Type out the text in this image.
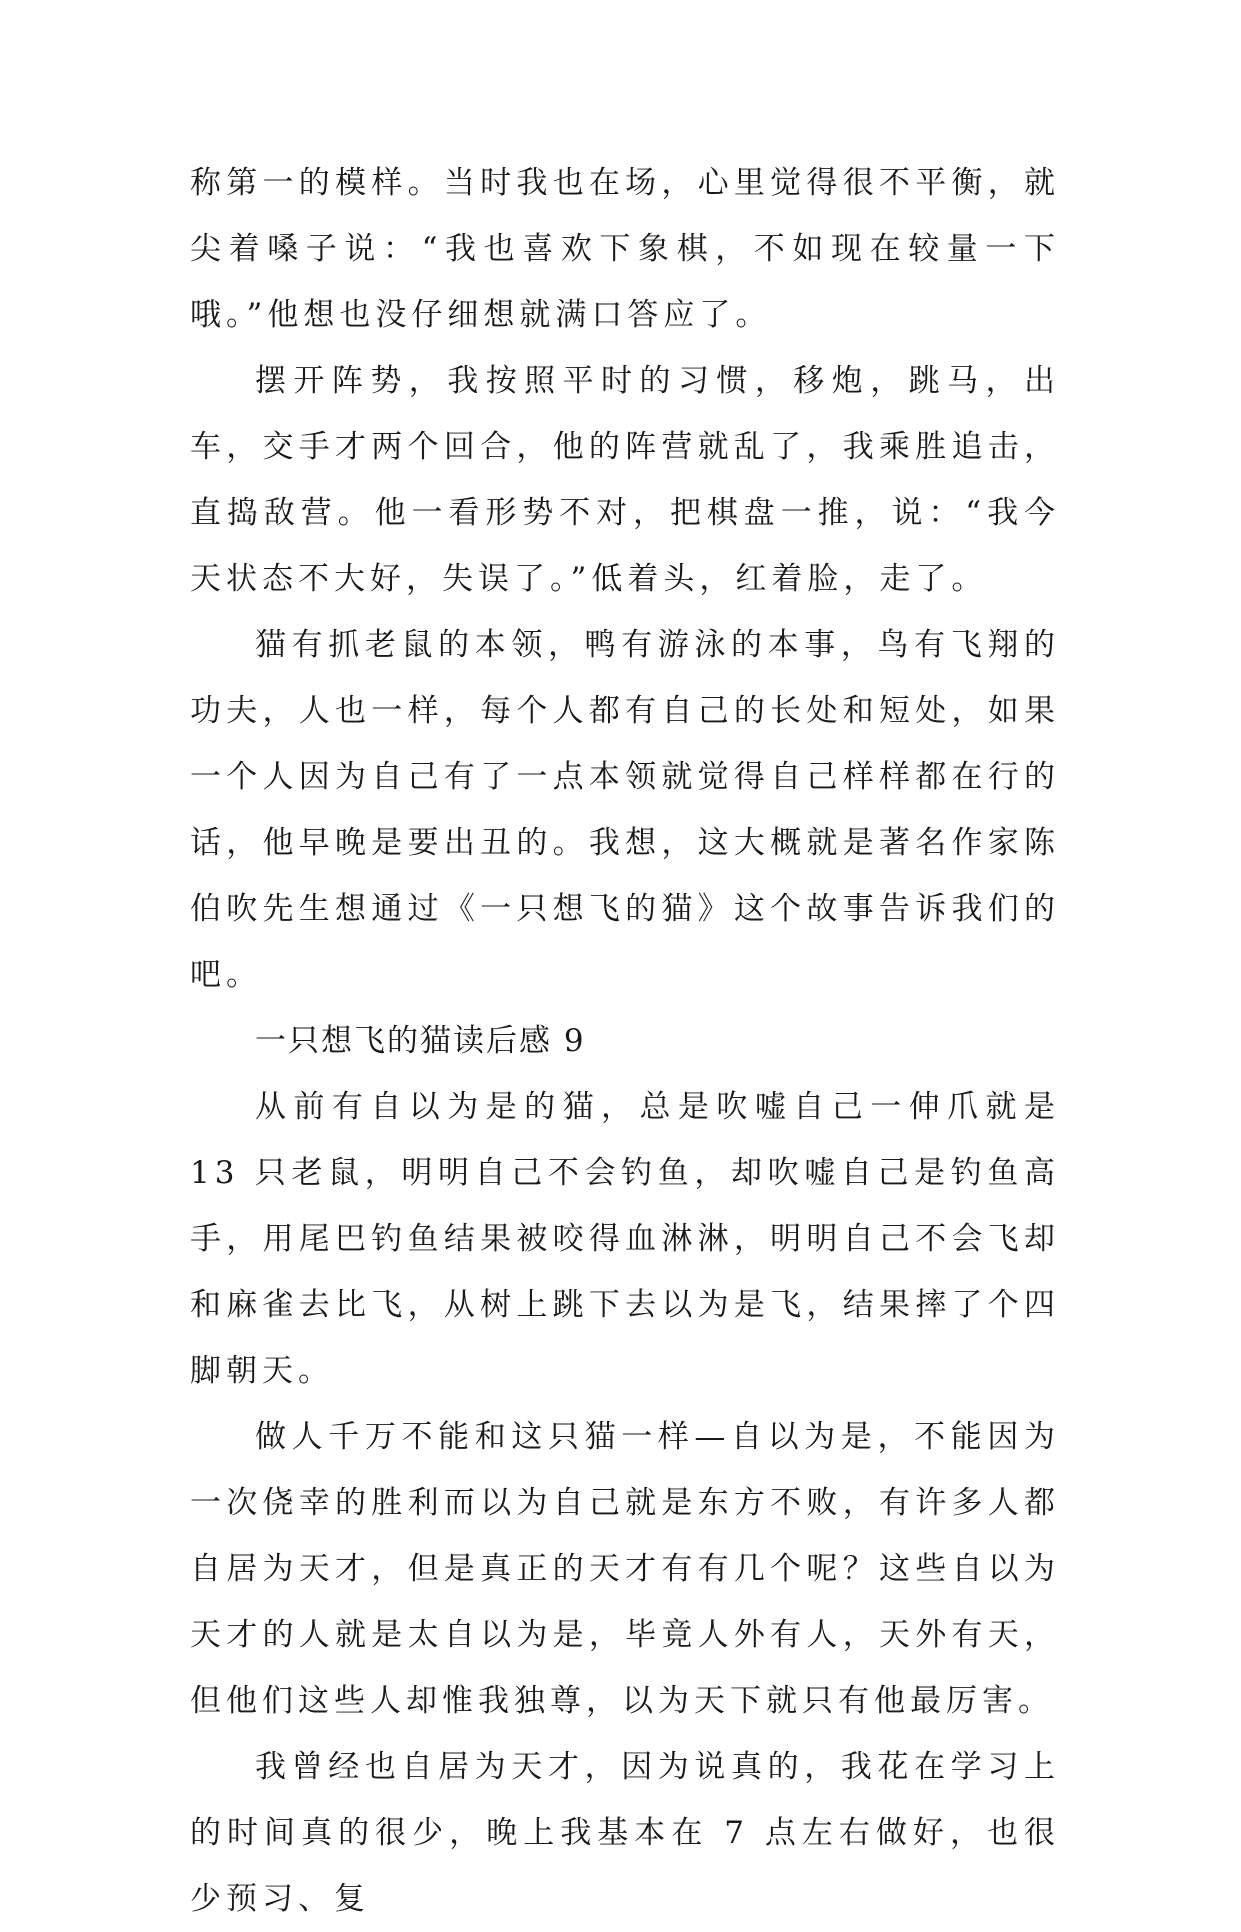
称第一的模样。当时我也在场，心里觉得很不平衡，就尖着嗓子说：“我也喜欢下象棋，不如现在较量一下哦。”他想也没仔细想就满口答应了。

摆开阵势，我按照平时的习惯，移炮，跳马，出车，交手才两个回合，他的阵营就乱了，我乘胜追击，直捣敌营。他一看形势不对，把棋盘一推，说：“我今天状态不大好，失误了。”低着头，红着脸，走了。

猫有抓老鼠的本领，鸭有游泳的本事，鸟有飞翔的功夫，人也一样，每个人都有自己的长处和短处，如果一个人因为自己有了一点本领就觉得自己样样都在行的话，他早晚是要出丑的。我想，这大概就是著名作家陈伯吹先生想通过《一只想飞的猫》这个故事告诉我们的吧。

一只想飞的猫读后感 9

从前有自以为是的猫，总是吹嘘自己一伸爪就是 13 只老鼠，明明自己不会钓鱼，却吹嘘自己是钓鱼高手，用尾巴钓鱼结果被咬得血淋淋，明明自己不会飞却和麻雀去比飞，从树上跳下去以为是飞，结果摔了个四脚朝天。

做人千万不能和这只猫一样—自以为是，不能因为一次侥幸的胜利而以为自己就是东方不败，有许多人都自居为天才，但是真正的天才有有几个呢？这些自以为天才的人就是太自以为是，毕竟人外有人，天外有天，但他们这些人却惟我独尊，以为天下就只有他最厉害。

我曾经也自居为天才，因为说真的，我花在学习上的时间真的很少，晚上我基本在 7 点左右做好，也很少预习、复
